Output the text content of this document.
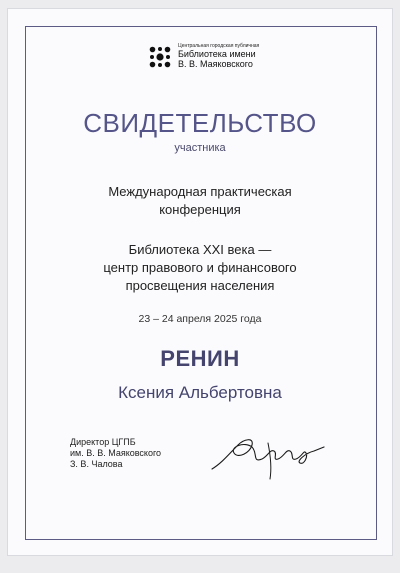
Центральная городская публичная
Библиотека имени
В. В. Маяковского
СВИДЕТЕЛЬСТВО
участника
Международная практическая
конференция
Библиотека XXI века —
центр правового и финансового
просвещения населения
23 – 24 апреля 2025 года
РЕНИН
Ксения Альбертовна
Директор ЦГПБ
им. В. В. Маяковского
З. В. Чалова
